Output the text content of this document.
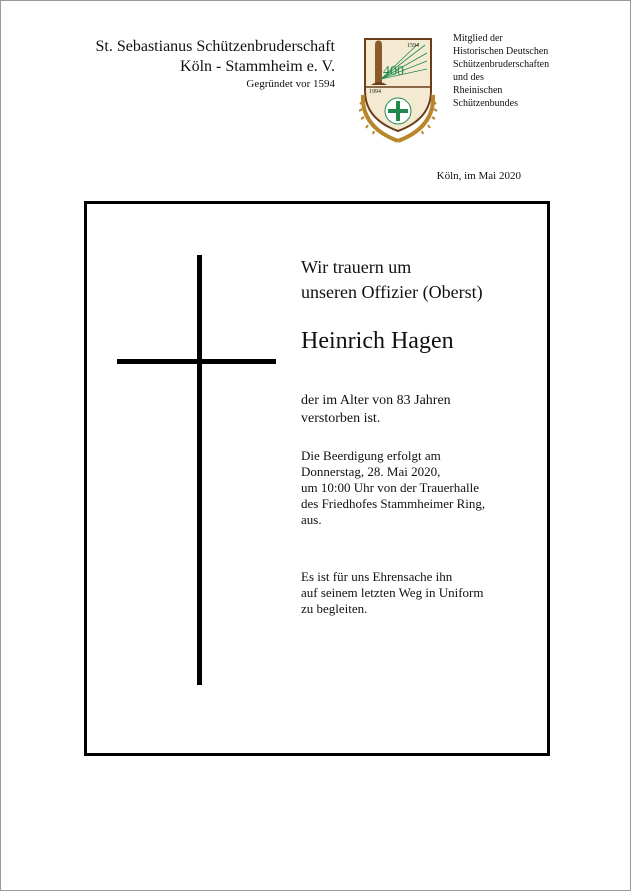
St. Sebastianus Schützenbruderschaft
Köln - Stammheim e. V.
Gegründet vor 1594
1594
400
1994
Mitglied der
Historischen Deutschen
Schützenbruderschaften
und des
Rheinischen
Schützenbundes
Köln, im Mai 2020
Wir trauern um
unseren Offizier (Oberst)
Heinrich Hagen
der im Alter von 83 Jahren
verstorben ist.
Die Beerdigung erfolgt am
Donnerstag, 28. Mai 2020,
um 10:00 Uhr von der Trauerhalle
des Friedhofes Stammheimer Ring,
aus.
Es ist für uns Ehrensache ihn
auf seinem letzten Weg in Uniform
zu begleiten.
